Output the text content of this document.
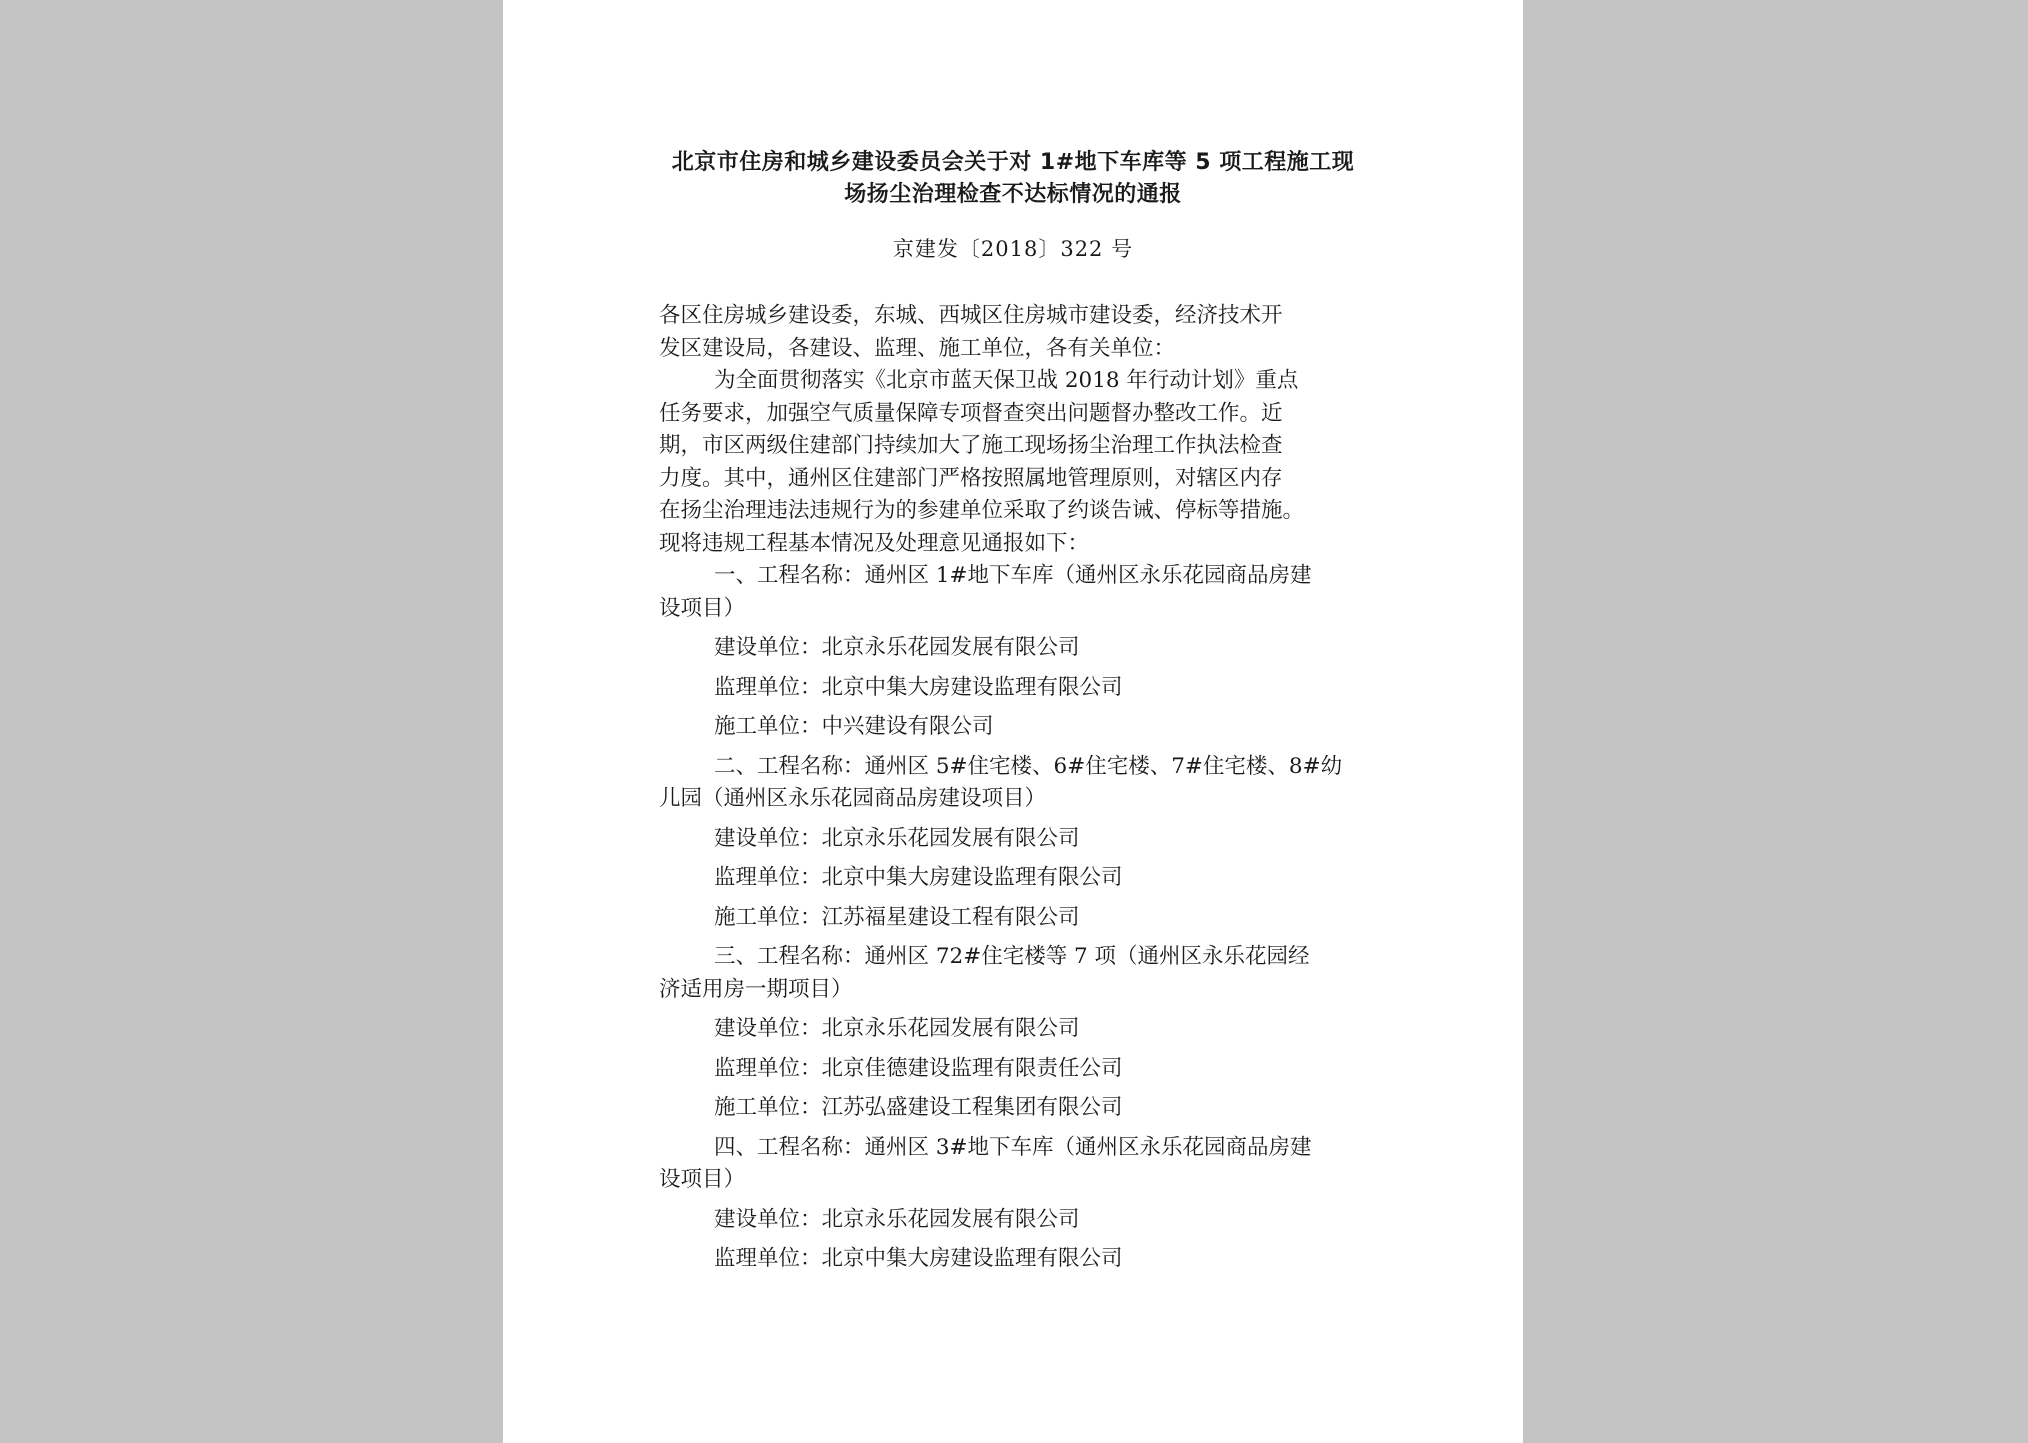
北京市住房和城乡建设委员会关于对 1#地下车库等 5 项工程施工现
场扬尘治理检查不达标情况的通报
京建发〔2018〕322 号
各区住房城乡建设委，东城、西城区住房城市建设委，经济技术开
发区建设局，各建设、监理、施工单位，各有关单位：
为全面贯彻落实《北京市蓝天保卫战 2018 年行动计划》重点
任务要求，加强空气质量保障专项督查突出问题督办整改工作。近
期，市区两级住建部门持续加大了施工现场扬尘治理工作执法检查
力度。其中，通州区住建部门严格按照属地管理原则，对辖区内存
在扬尘治理违法违规行为的参建单位采取了约谈告诫、停标等措施。
现将违规工程基本情况及处理意见通报如下：
一、工程名称：通州区 1#地下车库（通州区永乐花园商品房建
设项目）
建设单位：北京永乐花园发展有限公司
监理单位：北京中集大房建设监理有限公司
施工单位：中兴建设有限公司
二、工程名称：通州区 5#住宅楼、6#住宅楼、7#住宅楼、8#幼
儿园（通州区永乐花园商品房建设项目）
建设单位：北京永乐花园发展有限公司
监理单位：北京中集大房建设监理有限公司
施工单位：江苏福星建设工程有限公司
三、工程名称：通州区 72#住宅楼等 7 项（通州区永乐花园经
济适用房一期项目）
建设单位：北京永乐花园发展有限公司
监理单位：北京佳德建设监理有限责任公司
施工单位：江苏弘盛建设工程集团有限公司
四、工程名称：通州区 3#地下车库（通州区永乐花园商品房建
设项目）
建设单位：北京永乐花园发展有限公司
监理单位：北京中集大房建设监理有限公司
